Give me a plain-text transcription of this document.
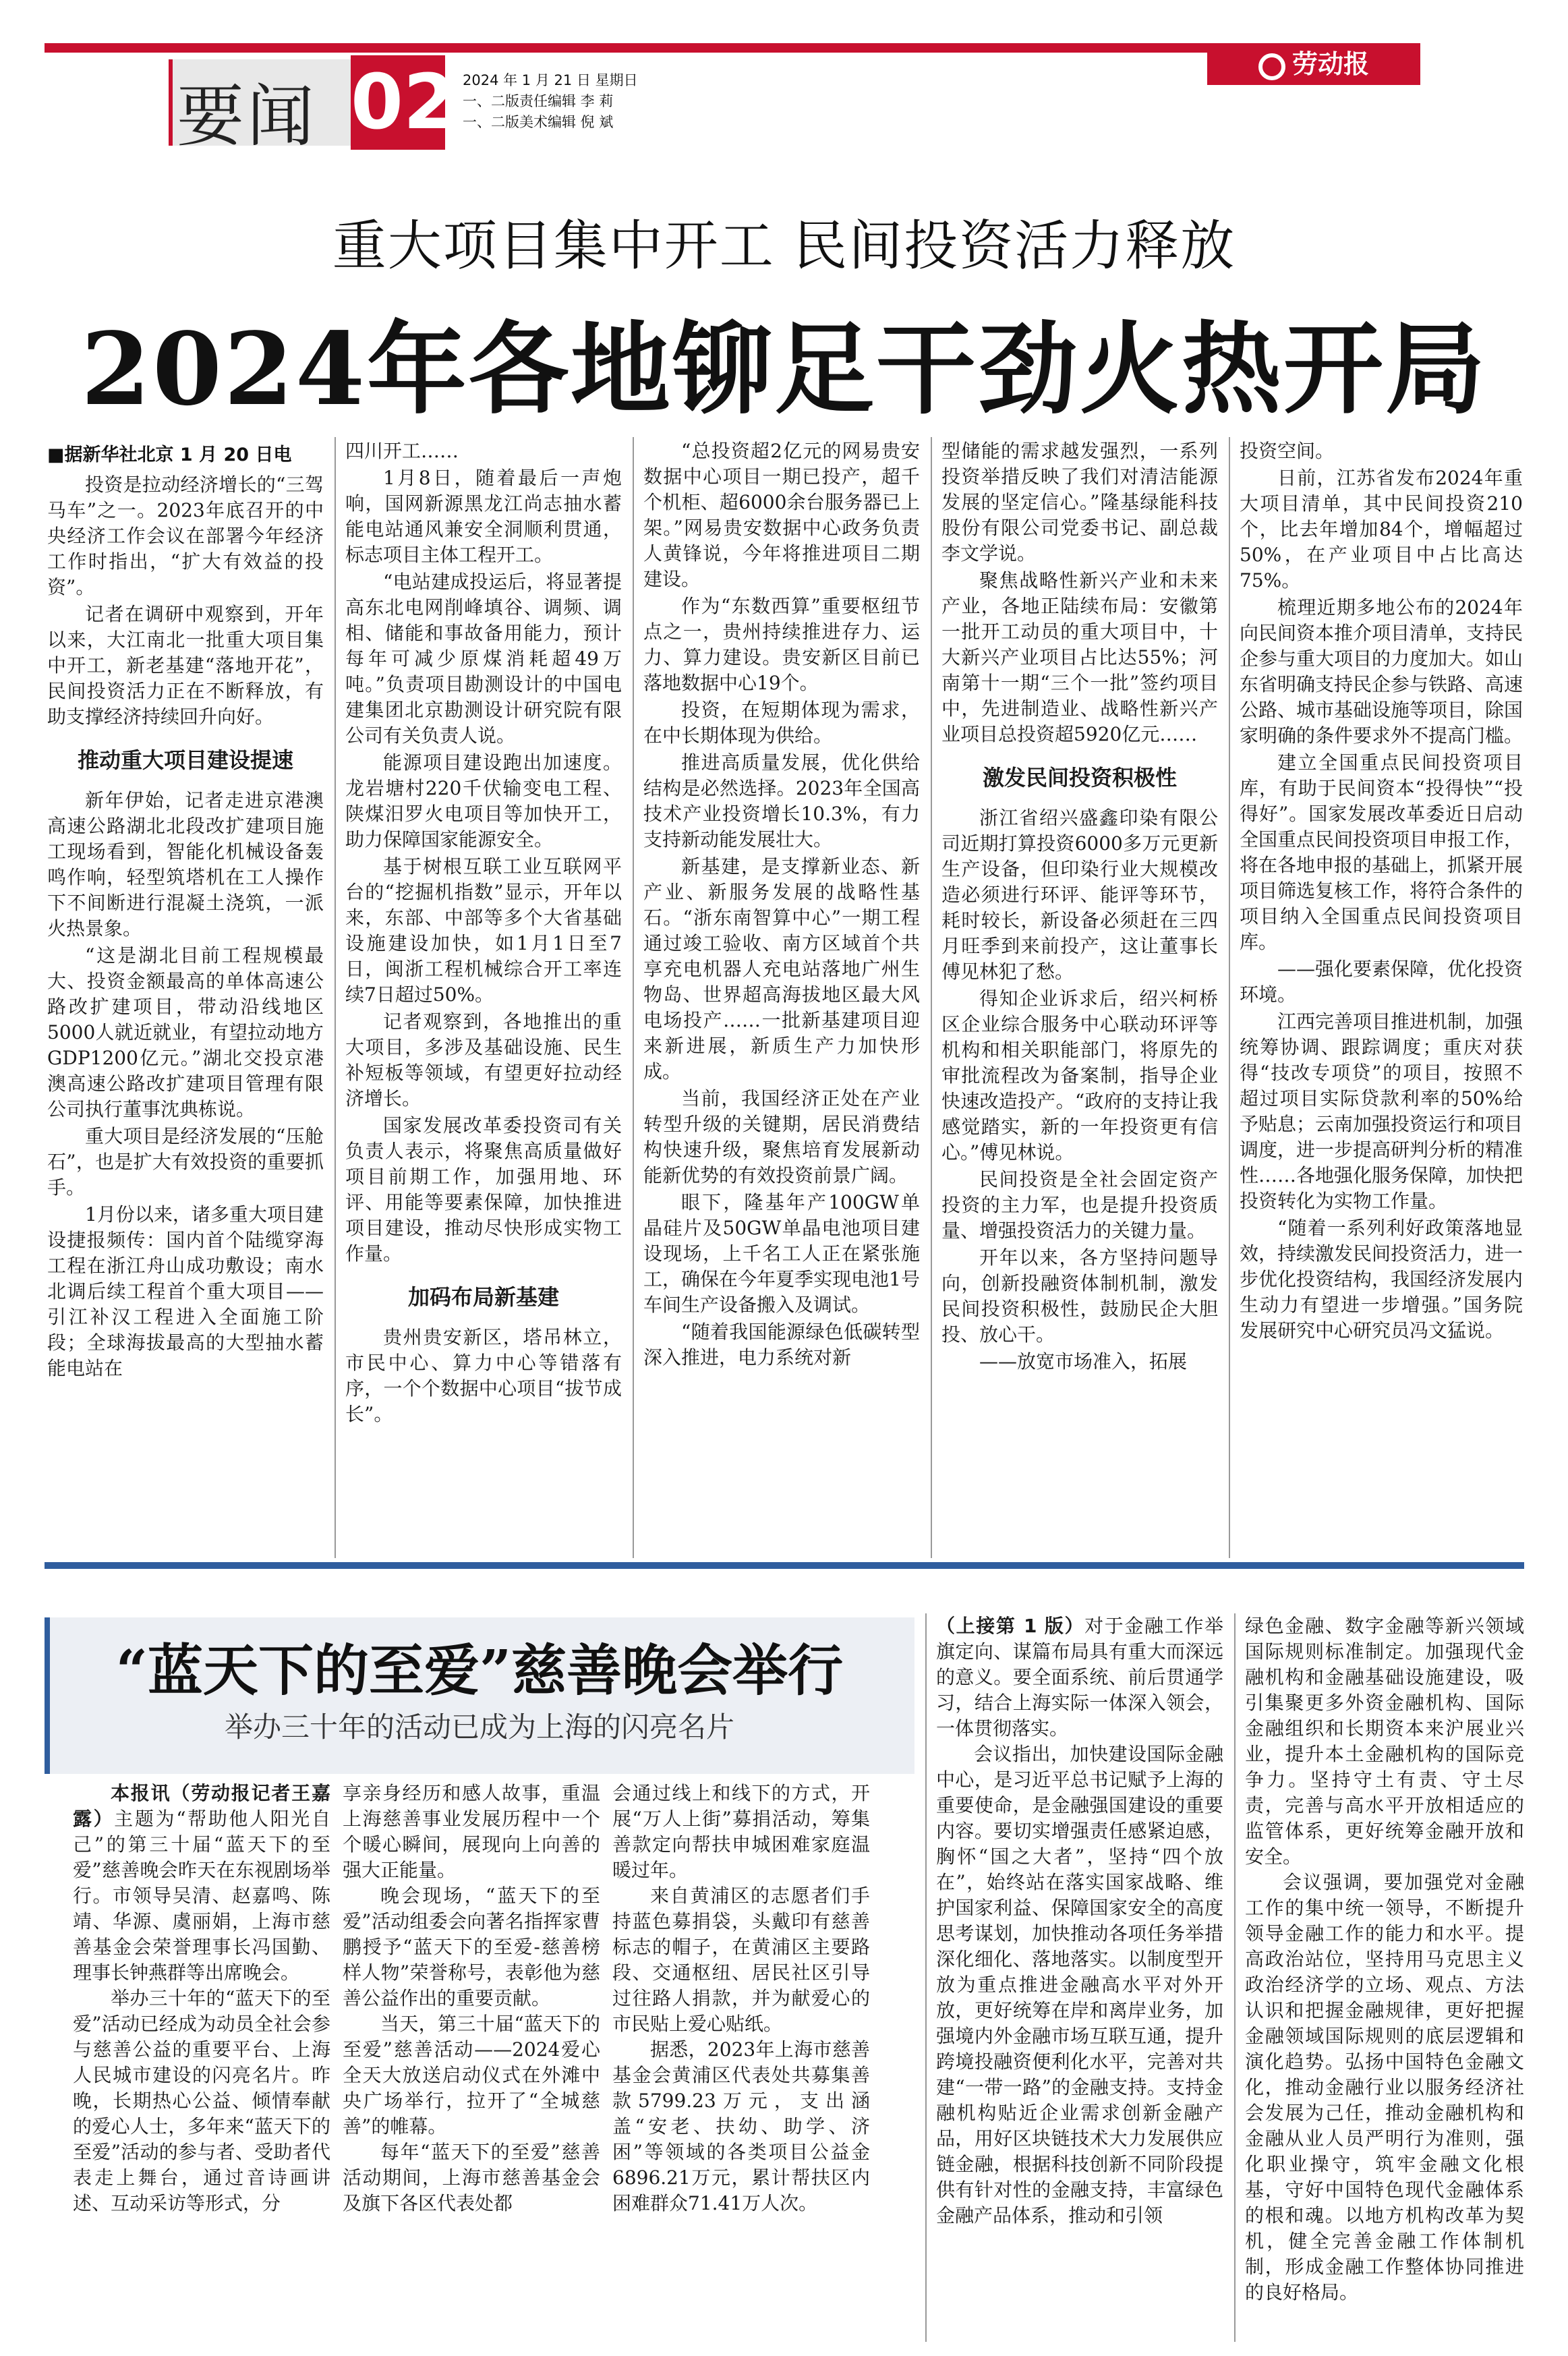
要闻 02 2024 年 1 月 21 日 星期日
一、二版责任编辑 李 莉
一、二版美术编辑 倪 斌
劳动报
重大项目集中开工 民间投资活力释放
2024年各地铆足干劲火热开局
■据新华社北京 1 月 20 日电

投资是拉动经济增长的“三驾马车”之一。2023年底召开的中央经济工作会议在部署今年经济工作时指出，“扩大有效益的投资”。

记者在调研中观察到，开年以来，大江南北一批重大项目集中开工，新老基建“落地开花”，民间投资活力正在不断释放，有助支撑经济持续回升向好。

推动重大项目建设提速

新年伊始，记者走进京港澳高速公路湖北北段改扩建项目施工现场看到，智能化机械设备轰鸣作响，轻型筑塔机在工人操作下不间断进行混凝土浇筑，一派火热景象。

“这是湖北目前工程规模最大、投资金额最高的单体高速公路改扩建项目，带动沿线地区5000人就近就业，有望拉动地方GDP1200亿元。”湖北交投京港澳高速公路改扩建项目管理有限公司执行董事沈典栋说。

重大项目是经济发展的“压舱石”，也是扩大有效投资的重要抓手。

1月份以来，诸多重大项目建设捷报频传：国内首个陆缆穿海工程在浙江舟山成功敷设；南水北调后续工程首个重大项目——引江补汉工程进入全面施工阶段；全球海拔最高的大型抽水蓄能电站在

四川开工……

1月8日，随着最后一声炮响，国网新源黑龙江尚志抽水蓄能电站通风兼安全洞顺利贯通，标志项目主体工程开工。

“电站建成投运后，将显著提高东北电网削峰填谷、调频、调相、储能和事故备用能力，预计每年可减少原煤消耗超49万吨。”负责项目勘测设计的中国电建集团北京勘测设计研究院有限公司有关负责人说。

能源项目建设跑出加速度。龙岩塘村220千伏输变电工程、陕煤汨罗火电项目等加快开工，助力保障国家能源安全。

基于树根互联工业互联网平台的“挖掘机指数”显示，开年以来，东部、中部等多个大省基础设施建设加快，如1月1日至7日，闽浙工程机械综合开工率连续7日超过50%。

记者观察到，各地推出的重大项目，多涉及基础设施、民生补短板等领域，有望更好拉动经济增长。

国家发展改革委投资司有关负责人表示，将聚焦高质量做好项目前期工作，加强用地、环评、用能等要素保障，加快推进项目建设，推动尽快形成实物工作量。

加码布局新基建

贵州贵安新区，塔吊林立，市民中心、算力中心等错落有序，一个个数据中心项目“拔节成长”。

“总投资超2亿元的网易贵安数据中心项目一期已投产，超千个机柜、超6000余台服务器已上架。”网易贵安数据中心政务负责人黄锋说，今年将推进项目二期建设。

作为“东数西算”重要枢纽节点之一，贵州持续推进存力、运力、算力建设。贵安新区目前已落地数据中心19个。

投资，在短期体现为需求，在中长期体现为供给。

推进高质量发展，优化供给结构是必然选择。2023年全国高技术产业投资增长10.3%，有力支持新动能发展壮大。

新基建，是支撑新业态、新产业、新服务发展的战略性基石。“浙东南智算中心”一期工程通过竣工验收、南方区域首个共享充电机器人充电站落地广州生物岛、世界超高海拔地区最大风电场投产……一批新基建项目迎来新进展，新质生产力加快形成。

当前，我国经济正处在产业转型升级的关键期，居民消费结构快速升级，聚焦培育发展新动能新优势的有效投资前景广阔。

眼下，隆基年产100GW单晶硅片及50GW单晶电池项目建设现场，上千名工人正在紧张施工，确保在今年夏季实现电池1号车间生产设备搬入及调试。

“随着我国能源绿色低碳转型深入推进，电力系统对新

型储能的需求越发强烈，一系列投资举措反映了我们对清洁能源发展的坚定信心。”隆基绿能科技股份有限公司党委书记、副总裁李文学说。

聚焦战略性新兴产业和未来产业，各地正陆续布局：安徽第一批开工动员的重大项目中，十大新兴产业项目占比达55%；河南第十一期“三个一批”签约项目中，先进制造业、战略性新兴产业项目总投资超5920亿元……

激发民间投资积极性

浙江省绍兴盛鑫印染有限公司近期打算投资6000多万元更新生产设备，但印染行业大规模改造必须进行环评、能评等环节，耗时较长，新设备必须赶在三四月旺季到来前投产，这让董事长傅见林犯了愁。

得知企业诉求后，绍兴柯桥区企业综合服务中心联动环评等机构和相关职能部门，将原先的审批流程改为备案制，指导企业快速改造投产。“政府的支持让我感觉踏实，新的一年投资更有信心。”傅见林说。

民间投资是全社会固定资产投资的主力军，也是提升投资质量、增强投资活力的关键力量。

开年以来，各方坚持问题导向，创新投融资体制机制，激发民间投资积极性，鼓励民企大胆投、放心干。

——放宽市场准入，拓展

投资空间。

日前，江苏省发布2024年重大项目清单，其中民间投资210个，比去年增加84个，增幅超过50%，在产业项目中占比高达75%。

梳理近期多地公布的2024年向民间资本推介项目清单，支持民企参与重大项目的力度加大。如山东省明确支持民企参与铁路、高速公路、城市基础设施等项目，除国家明确的条件要求外不提高门槛。

建立全国重点民间投资项目库，有助于民间资本“投得快”“投得好”。国家发展改革委近日启动全国重点民间投资项目申报工作，将在各地申报的基础上，抓紧开展项目筛选复核工作，将符合条件的项目纳入全国重点民间投资项目库。

——强化要素保障，优化投资环境。

江西完善项目推进机制，加强统筹协调、跟踪调度；重庆对获得“技改专项贷”的项目，按照不超过项目实际贷款利率的50%给予贴息；云南加强投资运行和项目调度，进一步提高研判分析的精准性……各地强化服务保障，加快把投资转化为实物工作量。

“随着一系列利好政策落地显效，持续激发民间投资活力，进一步优化投资结构，我国经济发展内生动力有望进一步增强。”国务院发展研究中心研究员冯文猛说。

“蓝天下的至爱”慈善晚会举行
举办三十年的活动已成为上海的闪亮名片

本报讯（劳动报记者王嘉露）主题为“帮助他人阳光自己”的第三十届“蓝天下的至爱”慈善晚会昨天在东视剧场举行。市领导吴清、赵嘉鸣、陈靖、华源、虞丽娟，上海市慈善基金会荣誉理事长冯国勤、理事长钟燕群等出席晚会。

举办三十年的“蓝天下的至爱”活动已经成为动员全社会参与慈善公益的重要平台、上海人民城市建设的闪亮名片。昨晚，长期热心公益、倾情奉献的爱心人士，多年来“蓝天下的至爱”活动的参与者、受助者代表走上舞台，通过音诗画讲述、互动采访等形式，分

享亲身经历和感人故事，重温上海慈善事业发展历程中一个个暖心瞬间，展现向上向善的强大正能量。

晚会现场，“蓝天下的至爱”活动组委会向著名指挥家曹鹏授予“蓝天下的至爱-慈善榜样人物”荣誉称号，表彰他为慈善公益作出的重要贡献。

当天，第三十届“蓝天下的至爱”慈善活动——2024爱心全天大放送启动仪式在外滩中央广场举行，拉开了“全城慈善”的帷幕。

每年“蓝天下的至爱”慈善活动期间，上海市慈善基金会及旗下各区代表处都

会通过线上和线下的方式，开展“万人上街”募捐活动，筹集善款定向帮扶申城困难家庭温暖过年。

来自黄浦区的志愿者们手持蓝色募捐袋，头戴印有慈善标志的帽子，在黄浦区主要路段、交通枢纽、居民社区引导过往路人捐款，并为献爱心的市民贴上爱心贴纸。

据悉，2023年上海市慈善基金会黄浦区代表处共募集善款5799.23万元，支出涵盖“安老、扶幼、助学、济困”等领域的各类项目公益金6896.21万元，累计帮扶区内困难群众71.41万人次。

（上接第 1 版）对于金融工作举旗定向、谋篇布局具有重大而深远的意义。要全面系统、前后贯通学习，结合上海实际一体深入领会，一体贯彻落实。

会议指出，加快建设国际金融中心，是习近平总书记赋予上海的重要使命，是金融强国建设的重要内容。要切实增强责任感紧迫感，胸怀“国之大者”，坚持“四个放在”，始终站在落实国家战略、维护国家利益、保障国家安全的高度思考谋划，加快推动各项任务举措深化细化、落地落实。以制度型开放为重点推进金融高水平对外开放，更好统筹在岸和离岸业务，加强境内外金融市场互联互通，提升跨境投融资便利化水平，完善对共建“一带一路”的金融支持。支持金融机构贴近企业需求创新金融产品，用好区块链技术大力发展供应链金融，根据科技创新不同阶段提供有针对性的金融支持，丰富绿色金融产品体系，推动和引领

绿色金融、数字金融等新兴领域国际规则标准制定。加强现代金融机构和金融基础设施建设，吸引集聚更多外资金融机构、国际金融组织和长期资本来沪展业兴业，提升本土金融机构的国际竞争力。坚持守土有责、守土尽责，完善与高水平开放相适应的监管体系，更好统筹金融开放和安全。

会议强调，要加强党对金融工作的集中统一领导，不断提升领导金融工作的能力和水平。提高政治站位，坚持用马克思主义政治经济学的立场、观点、方法认识和把握金融规律，更好把握金融领域国际规则的底层逻辑和演化趋势。弘扬中国特色金融文化，推动金融行业以服务经济社会发展为己任，推动金融机构和金融从业人员严明行为准则，强化职业操守，筑牢金融文化根基，守好中国特色现代金融体系的根和魂。以地方机构改革为契机，健全完善金融工作体制机制，形成金融工作整体协同推进的良好格局。
